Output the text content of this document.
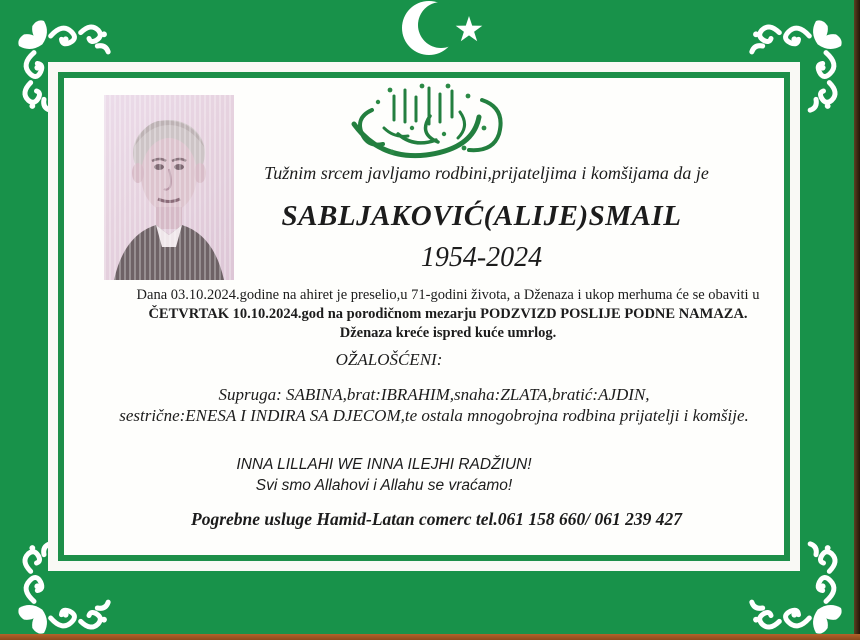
Tužnim srcem javljamo rodbini,prijateljima i komšijama da je
SABLJAKOVIĆ(ALIJE)SMAIL
1954-2024
Dana 03.10.2024.godine na ahiret je preselio,u 71-godini života, a Dženaza i ukop merhuma će se obaviti u
ČETVRTAK 10.10.2024.god na porodičnom mezarju PODZVIZD POSLIJE PODNE NAMAZA.
Dženaza kreće ispred kuće umrlog.
OŽALOŠĆENI:
Supruga: SABINA,brat:IBRAHIM,snaha:ZLATA,bratić:AJDIN,
sestrične:ENESA I INDIRA SA DJECOM,te ostala mnogobrojna rodbina prijatelji i komšije.
INNA LILLAHI WE INNA ILEJHI RADŽIUN!
Svi smo Allahovi i Allahu se vraćamo!
Pogrebne usluge Hamid-Latan comerc tel.061 158 660/ 061 239 427
